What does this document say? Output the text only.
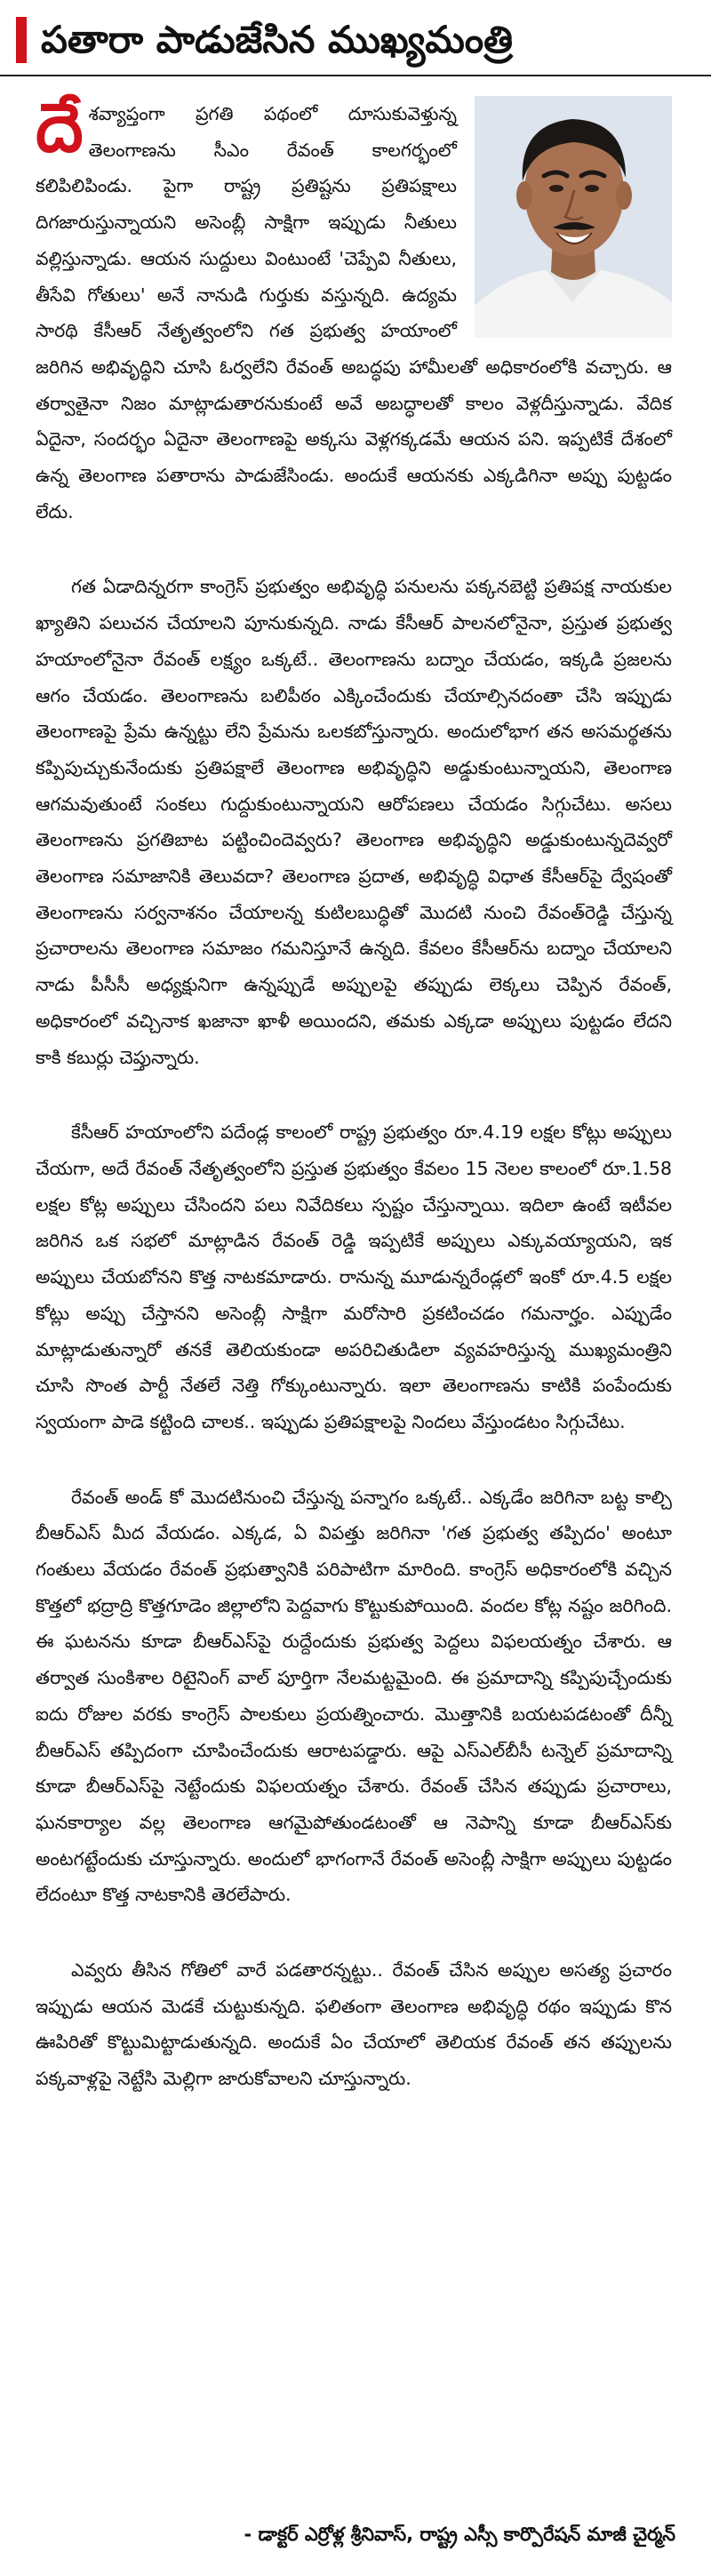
పతారా పాడుజేసిన ముఖ్యమంత్రి

దేశవ్యాప్తంగా ప్రగతి పథంలో దూసుకువెళ్తున్న తెలంగాణను సీఎం రేవంత్‌ కాలగర్భంలో కలిపిలిపిండు. పైగా రాష్ట్ర ప్రతిష్టను ప్రతిపక్షాలు దిగజారుస్తున్నాయని అసెంబ్లీ సాక్షిగా ఇప్పుడు నీతులు వల్లిస్తున్నాడు. ఆయన సుద్దులు వింటుంటే 'చెప్పేవి నీతులు, తీసేవి గోతులు' అనే నానుడి గుర్తుకు వస్తున్నది. ఉద్యమ సారథి కేసీఆర్‌ నేతృత్వంలోని గత ప్రభుత్వ హయాంలో జరిగిన అభివృద్ధిని చూసి ఓర్వలేని రేవంత్‌ అబద్ధపు హామీలతో అధికారంలోకి వచ్చారు. ఆ తర్వాతైనా నిజం మాట్లాడుతారనుకుంటే అవే అబద్ధాలతో కాలం వెళ్లదీస్తున్నాడు. వేదిక ఏదైనా, సందర్భం ఏదైనా తెలంగాణపై అక్కసు వెళ్లగక్కడమే ఆయన పని. ఇప్పటికే దేశంలో ఉన్న తెలంగాణ పతారాను పాడుజేసిండు. అందుకే ఆయనకు ఎక్కడిగినా అప్పు పుట్టడం లేదు.

గత ఏడాదిన్నరగా కాంగ్రెస్‌ ప్రభుత్వం అభివృద్ధి పనులను పక్కనబెట్టి ప్రతిపక్ష నాయకుల ఖ్యాతిని పలుచన చేయాలని పూనుకున్నది. నాడు కేసీఆర్‌ పాలనలోనైనా, ప్రస్తుత ప్రభుత్వ హయాంలోనైనా రేవంత్‌ లక్ష్యం ఒక్కటే.. తెలంగాణను బద్నాం చేయడం, ఇక్కడి ప్రజలను ఆగం చేయడం. తెలంగాణను బలిపీఠం ఎక్కించేందుకు చేయాల్సినదంతా చేసి ఇప్పుడు తెలంగాణపై ప్రేమ ఉన్నట్టు లేని ప్రేమను ఒలకబోస్తున్నారు. అందులోభాగ తన అసమర్థతను కప్పిపుచ్చుకునేందుకు ప్రతిపక్షాలే తెలంగాణ అభివృద్ధిని అడ్డుకుంటున్నాయని, తెలంగాణ ఆగమవుతుంటే సంకలు గుద్దుకుంటున్నాయని ఆరోపణలు చేయడం సిగ్గుచేటు. అసలు తెలంగాణను ప్రగతిబాట పట్టించిందెవ్వరు? తెలంగాణ అభివృద్ధిని అడ్డుకుంటున్నదెవ్వరో తెలంగాణ సమాజానికి తెలువదా? తెలంగాణ ప్రదాత, అభివృద్ధి విధాత కేసీఆర్‌పై ద్వేషంతో తెలంగాణను సర్వనాశనం చేయాలన్న కుటిలబుద్ధితో మొదటి నుంచి రేవంత్‌రెడ్డి చేస్తున్న ప్రచారాలను తెలంగాణ సమాజం గమనిస్తూనే ఉన్నది. కేవలం కేసీఆర్‌ను బద్నాం చేయాలని నాడు పీసీసీ అధ్యక్షునిగా ఉన్నప్పుడే అప్పులపై తప్పుడు లెక్కలు చెప్పిన రేవంత్‌, అధికారంలో వచ్చినాక ఖజానా ఖాళీ అయిందని, తమకు ఎక్కడా అప్పులు పుట్టడం లేదని కాకి కబుర్లు చెప్తున్నారు.

కేసీఆర్‌ హయాంలోని పదేండ్ల కాలంలో రాష్ట్ర ప్రభుత్వం రూ.4.19 లక్షల కోట్లు అప్పులు చేయగా, అదే రేవంత్‌ నేతృత్వంలోని ప్రస్తుత ప్రభుత్వం కేవలం 15 నెలల కాలంలో రూ.1.58 లక్షల కోట్ల అప్పులు చేసిందని పలు నివేదికలు స్పష్టం చేస్తున్నాయి. ఇదిలా ఉంటే ఇటీవల జరిగిన ఒక సభలో మాట్లాడిన రేవంత్‌ రెడ్డి ఇప్పటికే అప్పులు ఎక్కువయ్యాయని, ఇక అప్పులు చేయబోనని కొత్త నాటకమాడారు. రానున్న మూడున్నరేండ్లలో ఇంకో రూ.4.5 లక్షల కోట్లు అప్పు చేస్తానని అసెంబ్లీ సాక్షిగా మరోసారి ప్రకటించడం గమనార్హం. ఎప్పుడేం మాట్లాడుతున్నారో తనకే తెలియకుండా అపరిచితుడిలా వ్యవహరిస్తున్న ముఖ్యమంత్రిని చూసి సొంత పార్టీ నేతలే నెత్తి గోక్కుంటున్నారు. ఇలా తెలంగాణను కాటికి పంపేందుకు స్వయంగా పాడె కట్టింది చాలక.. ఇప్పుడు ప్రతిపక్షాలపై నిందలు వేస్తుండటం సిగ్గుచేటు.

రేవంత్‌ అండ్‌ కో మొదటినుంచి చేస్తున్న పన్నాగం ఒక్కటే.. ఎక్కడేం జరిగినా బట్ట కాల్చి బీఆర్‌ఎస్‌ మీద వేయడం. ఎక్కడ, ఏ విపత్తు జరిగినా 'గత ప్రభుత్వ తప్పిదం' అంటూ గంతులు వేయడం రేవంత్‌ ప్రభుత్వానికి పరిపాటిగా మారింది. కాంగ్రెస్‌ అధికారంలోకి వచ్చిన కొత్తలో భద్రాద్రి కొత్తగూడెం జిల్లాలోని పెద్దవాగు కొట్టుకుపోయింది. వందల కోట్ల నష్టం జరిగింది. ఈ ఘటనను కూడా బీఆర్‌ఎస్‌పై రుద్దేందుకు ప్రభుత్వ పెద్దలు విఫలయత్నం చేశారు. ఆ తర్వాత సుంకిశాల రిటైనింగ్‌ వాల్‌ పూర్తిగా నేలమట్టమైంది. ఈ ప్రమాదాన్ని కప్పిపుచ్చేందుకు ఐదు రోజుల వరకు కాంగ్రెస్‌ పాలకులు ప్రయత్నించారు. మొత్తానికి బయటపడటంతో దీన్నీ బీఆర్‌ఎస్‌ తప్పిదంగా చూపించేందుకు ఆరాటపడ్డారు. ఆపై ఎస్‌ఎల్‌బీసీ టన్నెల్‌ ప్రమాదాన్ని కూడా బీఆర్‌ఎస్‌పై నెట్టేందుకు విఫలయత్నం చేశారు. రేవంత్‌ చేసిన తప్పుడు ప్రచారాలు, ఘనకార్యాల వల్ల తెలంగాణ ఆగమైపోతుండటంతో ఆ నెపాన్ని కూడా బీఆర్‌ఎస్‌కు అంటగట్టేందుకు చూస్తున్నారు. అందులో భాగంగానే రేవంత్‌ అసెంబ్లీ సాక్షిగా అప్పులు పుట్టడం లేదంటూ కొత్త నాటకానికి తెరలేపారు.

ఎవ్వరు తీసిన గోతిలో వారే పడతారన్నట్టు.. రేవంత్‌ చేసిన అప్పుల అసత్య ప్రచారం ఇప్పుడు ఆయన మెడకే చుట్టుకున్నది. ఫలితంగా తెలంగాణ అభివృద్ధి రథం ఇప్పుడు కొన ఊపిరితో కొట్టుమిట్టాడుతున్నది. అందుకే ఏం చేయాలో తెలియక రేవంత్‌ తన తప్పులను పక్కవాళ్లపై నెట్టేసి మెల్లిగా జారుకోవాలని చూస్తున్నారు.

- డాక్టర్‌ ఎర్రోళ్ల శ్రీనివాస్‌, రాష్ట్ర ఎస్సీ కార్పొరేషన్‌ మాజీ చైర్మన్‌
